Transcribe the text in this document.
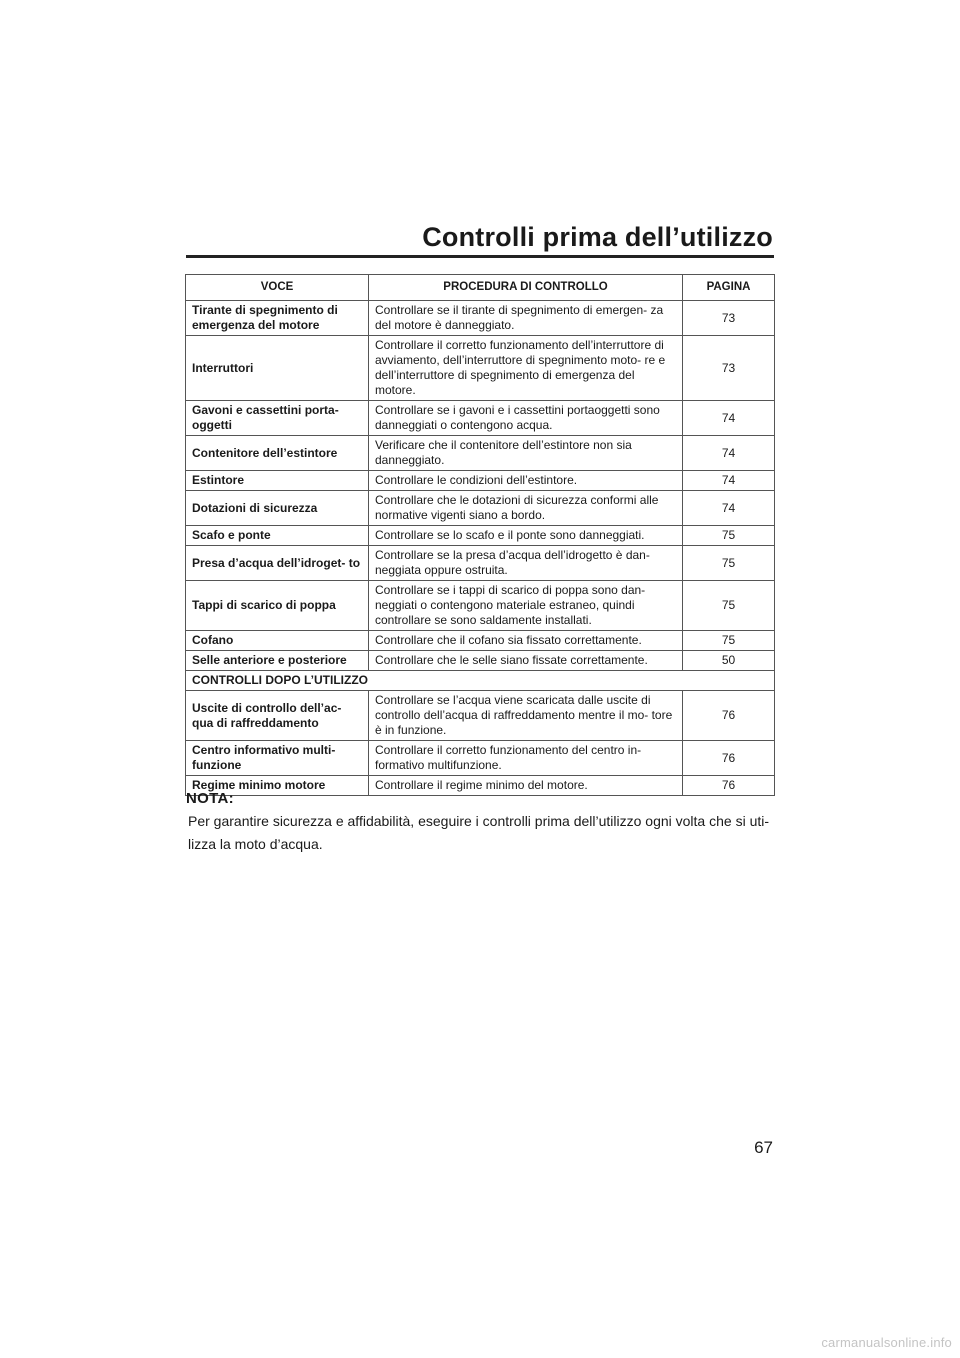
Controlli prima dell’utilizzo
VOCE	PROCEDURA DI CONTROLLO	PAGINA
Tirante di spegnimento di emergenza del motore	Controllare se il tirante di spegnimento di emergen- za del motore è danneggiato.	73
Interruttori	Controllare il corretto funzionamento dell’interruttore di avviamento, dell’interruttore di spegnimento moto- re e dell’interruttore di spegnimento di emergenza del motore.	73
Gavoni e cassettini porta- oggetti	Controllare se i gavoni e i cassettini portaoggetti sono danneggiati o contengono acqua.	74
Contenitore dell’estintore	Verificare che il contenitore dell’estintore non sia danneggiato.	74
Estintore	Controllare le condizioni dell’estintore.	74
Dotazioni di sicurezza	Controllare che le dotazioni di sicurezza conformi alle normative vigenti siano a bordo.	74
Scafo e ponte	Controllare se lo scafo e il ponte sono danneggiati.	75
Presa d’acqua dell’idroget- to	Controllare se la presa d’acqua dell’idrogetto è dan- neggiata oppure ostruita.	75
Tappi di scarico di poppa	Controllare se i tappi di scarico di poppa sono dan- neggiati o contengono materiale estraneo, quindi controllare se sono saldamente installati.	75
Cofano	Controllare che il cofano sia fissato correttamente.	75
Selle anteriore e posteriore	Controllare che le selle siano fissate correttamente.	50
CONTROLLI DOPO L’UTILIZZO		
Uscite di controllo dell’ac- qua di raffreddamento	Controllare se l’acqua viene scaricata dalle uscite di controllo dell’acqua di raffreddamento mentre il mo- tore è in funzione.	76
Centro informativo multi- funzione	Controllare il corretto funzionamento del centro in- formativo multifunzione.	76
Regime minimo motore	Controllare il regime minimo del motore.	76

NOTA:

Per garantire sicurezza e affidabilità, eseguire i controlli prima dell’utilizzo ogni volta che si uti- lizza la moto d’acqua.

67
carmanualsonline.info
